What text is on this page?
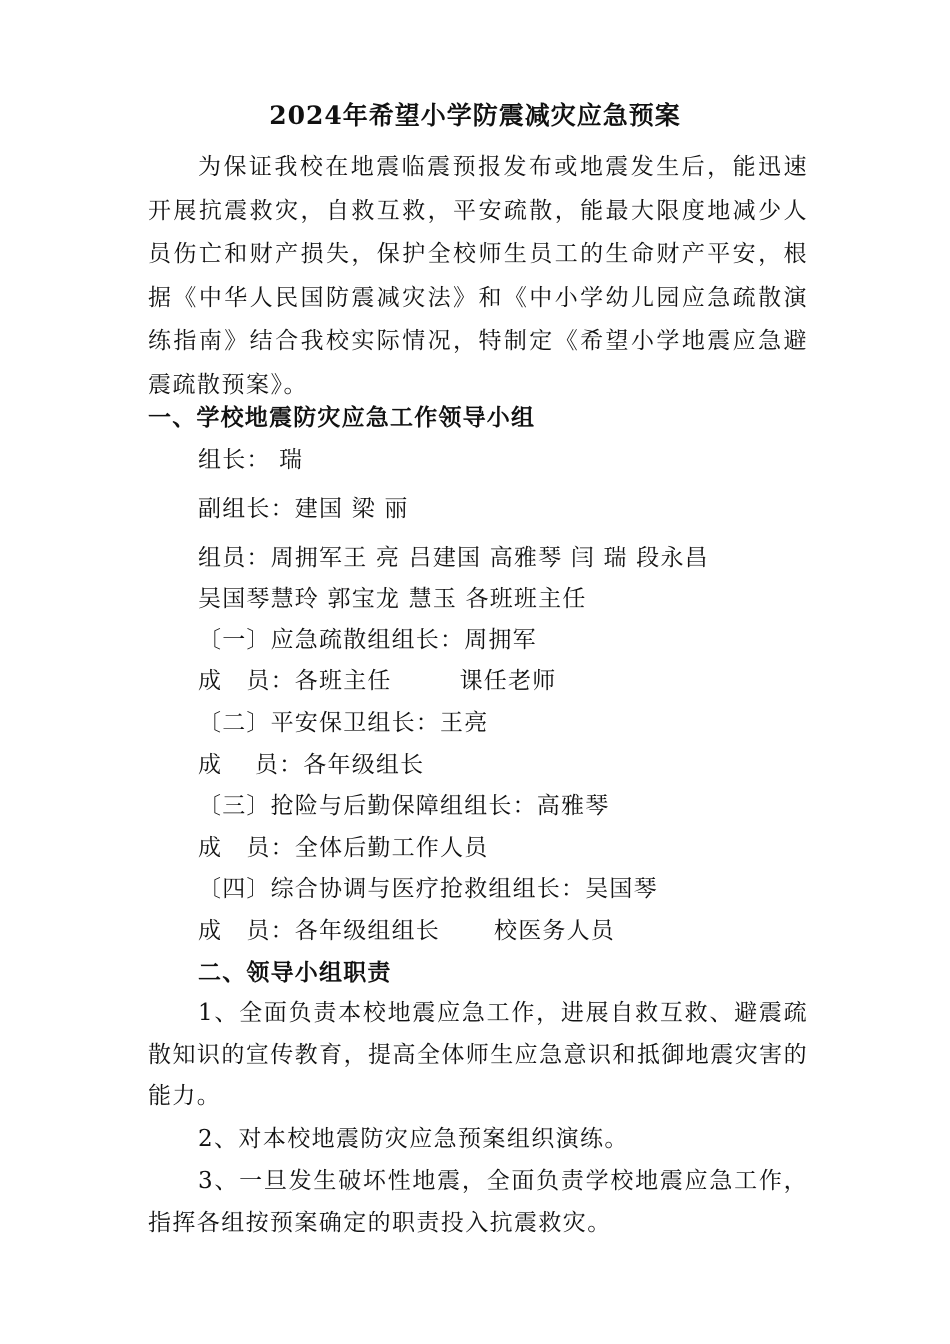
2024年希望小学防震减灾应急预案

为保证我校在地震临震预报发布或地震发生后，能迅速开展抗震救灾，自救互救，平安疏散，能最大限度地减少人员伤亡和财产损失，保护全校师生员工的生命财产平安，根据《中华人民国防震减灾法》和《中小学幼儿园应急疏散演练指南》结合我校实际情况，特制定《希望小学地震应急避震疏散预案》。

一、学校地震防灾应急工作领导小组
组长： 瑞
副组长：建国 梁 丽
组员：周拥军王 亮 吕建国 高雅琴 闫 瑞 段永昌
吴国琴慧玲 郭宝龙 慧玉 各班班主任
〔一〕应急疏散组组长：周拥军
成　员：各班主任	课任老师
〔二〕平安保卫组长：王亮
成　 员：各年级组长
〔三〕抢险与后勤保障组组长：高雅琴
成　员：全体后勤工作人员
〔四〕综合协调与医疗抢救组组长：吴国琴
成　员：各年级组组长 校医务人员
二、领导小组职责

1、全面负责本校地震应急工作，进展自救互救、避震疏散知识的宣传教育，提高全体师生应急意识和抵御地震灾害的能力。

2、对本校地震防灾应急预案组织演练。

3、一旦发生破坏性地震，全面负责学校地震应急工作，指挥各组按预案确定的职责投入抗震救灾。
